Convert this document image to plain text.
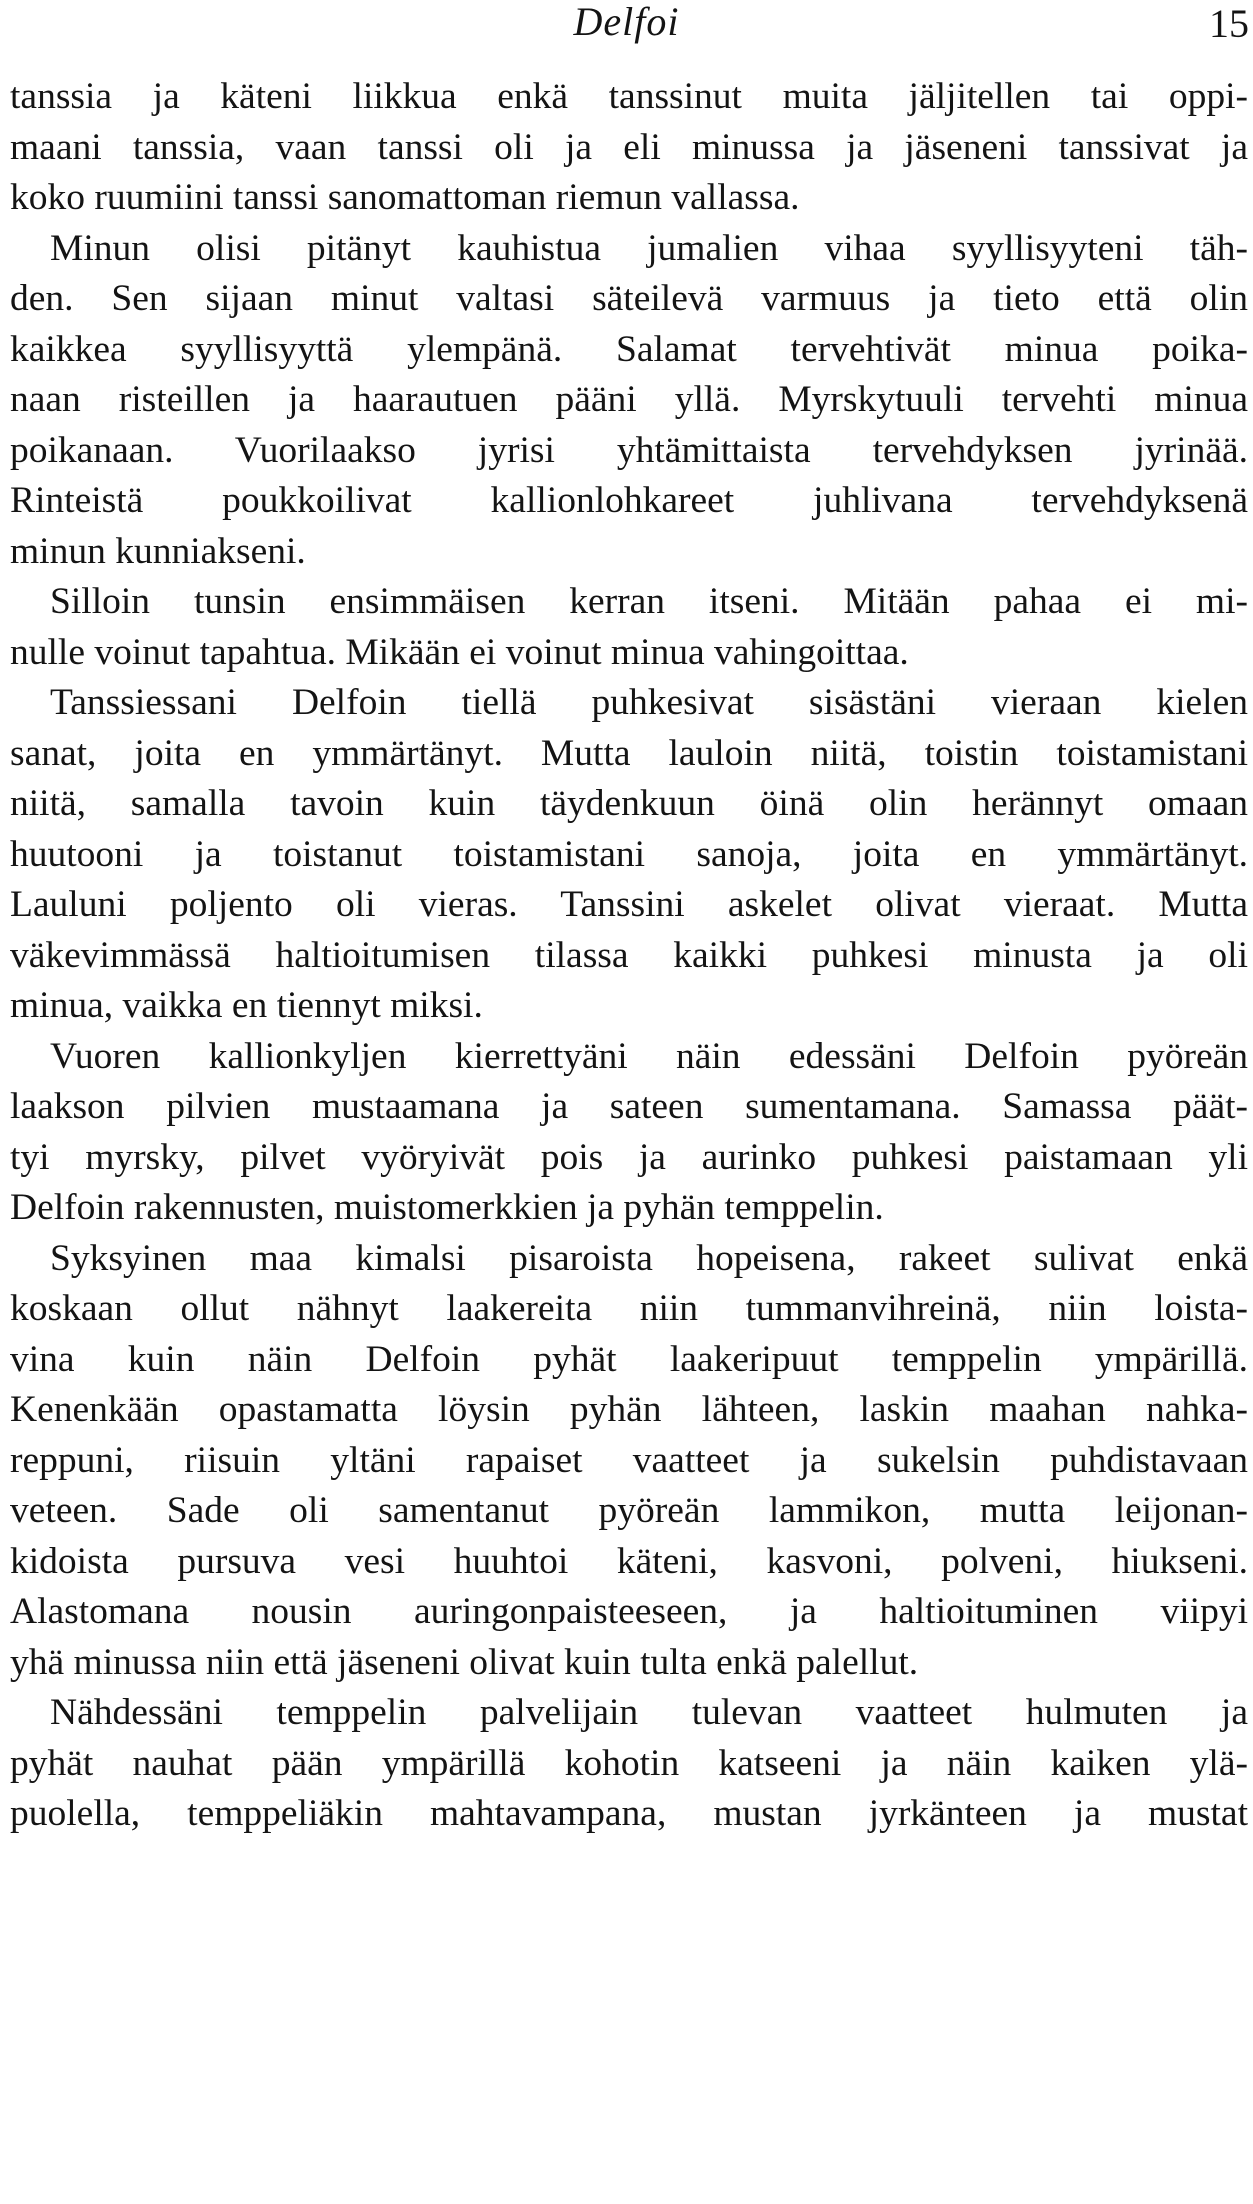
Delfoi	15
tanssia ja käteni liikkua enkä tanssinut muita jäljitellen tai oppi-
maani tanssia, vaan tanssi oli ja eli minussa ja jäseneni tanssivat ja
koko ruumiini tanssi sanomattoman riemun vallassa.
Minun olisi pitänyt kauhistua jumalien vihaa syyllisyyteni täh-
den. Sen sijaan minut valtasi säteilevä varmuus ja tieto että olin
kaikkea syyllisyyttä ylempänä. Salamat tervehtivät minua poika-
naan risteillen ja haarautuen pääni yllä. Myrskytuuli tervehti minua
poikanaan. Vuorilaakso jyrisi yhtämittaista tervehdyksen jyrinää.
Rinteistä poukkoilivat kallionlohkareet juhlivana tervehdyksenä
minun kunniakseni.
Silloin tunsin ensimmäisen kerran itseni. Mitään pahaa ei mi-
nulle voinut tapahtua. Mikään ei voinut minua vahingoittaa.
Tanssiessani Delfoin tiellä puhkesivat sisästäni vieraan kielen
sanat, joita en ymmärtänyt. Mutta lauloin niitä, toistin toistamistani
niitä, samalla tavoin kuin täydenkuun öinä olin herännyt omaan
huutooni ja toistanut toistamistani sanoja, joita en ymmärtänyt.
Lauluni poljento oli vieras. Tanssini askelet olivat vieraat. Mutta
väkevimmässä haltioitumisen tilassa kaikki puhkesi minusta ja oli
minua, vaikka en tiennyt miksi.
Vuoren kallionkyljen kierrettyäni näin edessäni Delfoin pyöreän
laakson pilvien mustaamana ja sateen sumentamana. Samassa päät-
tyi myrsky, pilvet vyöryivät pois ja aurinko puhkesi paistamaan yli
Delfoin rakennusten, muistomerkkien ja pyhän temppelin.
Syksyinen maa kimalsi pisaroista hopeisena, rakeet sulivat enkä
koskaan ollut nähnyt laakereita niin tummanvihreinä, niin loista-
vina kuin näin Delfoin pyhät laakeripuut temppelin ympärillä.
Kenenkään opastamatta löysin pyhän lähteen, laskin maahan nahka-
reppuni, riisuin yltäni rapaiset vaatteet ja sukelsin puhdistavaan
veteen. Sade oli samentanut pyöreän lammikon, mutta leijonan-
kidoista pursuva vesi huuhtoi käteni, kasvoni, polveni, hiukseni.
Alastomana nousin auringonpaisteeseen, ja haltioituminen viipyi
yhä minussa niin että jäseneni olivat kuin tulta enkä palellut.
Nähdessäni temppelin palvelijain tulevan vaatteet hulmuten ja
pyhät nauhat pään ympärillä kohotin katseeni ja näin kaiken ylä-
puolella, temppeliäkin mahtavampana, mustan jyrkänteen ja mustat
